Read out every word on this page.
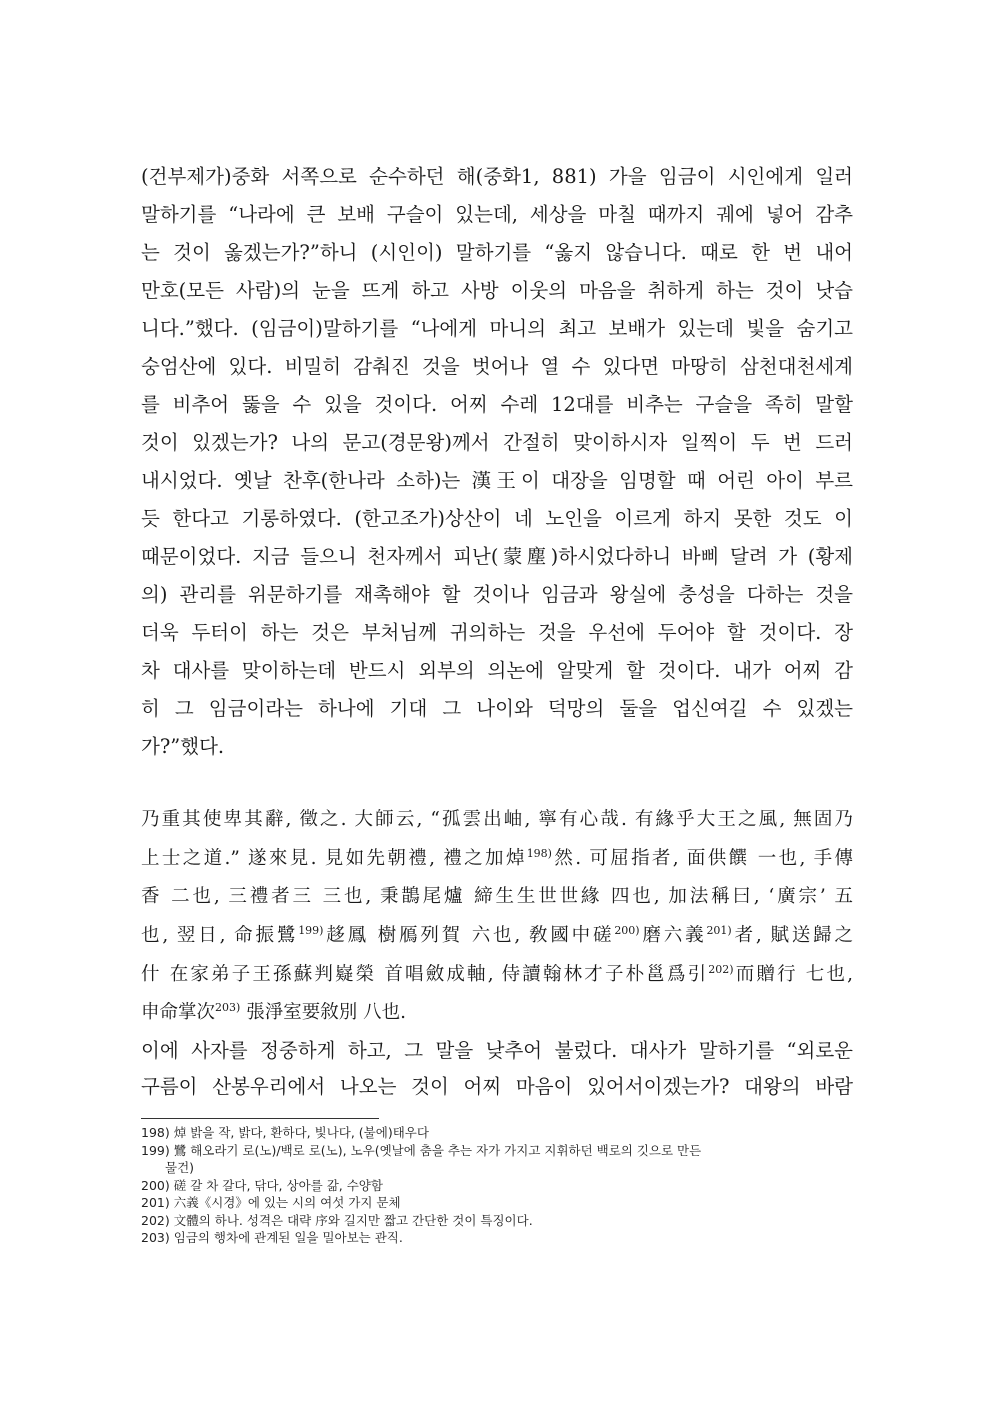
(건부제가)중화 서쪽으로 순수하던 해(중화1, 881) 가을 임금이 시인에게 일러
말하기를 “나라에 큰 보배 구슬이 있는데, 세상을 마칠 때까지 궤에 넣어 감추
는 것이 옳겠는가?”하니 (시인이) 말하기를 “옳지 않습니다. 때로 한 번 내어
만호(모든 사람)의 눈을 뜨게 하고 사방 이웃의 마음을 취하게 하는 것이 낫습
니다.”했다. (임금이)말하기를 “나에게 마니의 최고 보배가 있는데 빛을 숨기고
숭엄산에 있다. 비밀히 감춰진 것을 벗어나 열 수 있다면 마땅히 삼천대천세계
를 비추어 뚫을 수 있을 것이다. 어찌 수레 12대를 비추는 구슬을 족히 말할
것이 있겠는가? 나의 문고(경문왕)께서 간절히 맞이하시자 일찍이 두 번 드러
내시었다. 옛날 찬후(한나라 소하)는 漢王이 대장을 임명할 때 어린 아이 부르
듯 한다고 기롱하였다. (한고조가)상산이 네 노인을 이르게 하지 못한 것도 이
때문이었다. 지금 들으니 천자께서 피난(蒙塵)하시었다하니 바삐 달려 가 (황제
의) 관리를 위문하기를 재촉해야 할 것이나 임금과 왕실에 충성을 다하는 것을
더욱 두터이 하는 것은 부처님께 귀의하는 것을 우선에 두어야 할 것이다. 장
차 대사를 맞이하는데 반드시 외부의 의논에 알맞게 할 것이다. 내가 어찌 감
히 그 임금이라는 하나에 기대 그 나이와 덕망의 둘을 업신여길 수 있겠는
가?”했다.
乃重其使卑其辭, 徵之. 大師云, “孤雲出岫, 寧有心哉. 有緣乎大王之風, 無固乃
上士之道.” 遂來見. 見如先朝禮, 禮之加焯$^{198)}$然. 可屈指者, 面供饌 一也, 手傳
香 二也, 三禮者三 三也, 秉鵲尾爐 締生生世世緣 四也, 加法稱曰, ‘廣宗’ 五
也, 翌日, 命振鷺$^{199)}$趍鳳 樹鴈列賀 六也, 敎國中磋$^{200)}$磨六義$^{201)}$者, 賦送歸之
什 在家弟子王孫蘇判嶷榮 首唱斂成軸, 侍讀翰林才子朴邕爲引$^{202)}$而贈行 七也,
申命掌次$^{203)}$ 張淨室要敘別 八也.
이에 사자를 정중하게 하고, 그 말을 낮추어 불렀다. 대사가 말하기를 “외로운
구름이 산봉우리에서 나오는 것이 어찌 마음이 있어서이겠는가? 대왕의 바람
198)
焯 밝을 작, 밝다, 환하다, 빛나다, (불에)태우다
199)
鷺 해오라기 로(노)/백로 로(노), 노우(옛날에 춤을 추는 자가 가지고 지휘하던 백로의 깃으로 만든
물건)
200)
磋 갈 차 갈다, 닦다, 상아를 갊, 수양함
201)
六義《시경》에 있는 시의 여섯 가지 문체
202)
文體의 하나. 성격은 대략 序와 길지만 짧고 간단한 것이 특징이다.
203)
임금의 행차에 관계된 일을 밀아보는 관직.
